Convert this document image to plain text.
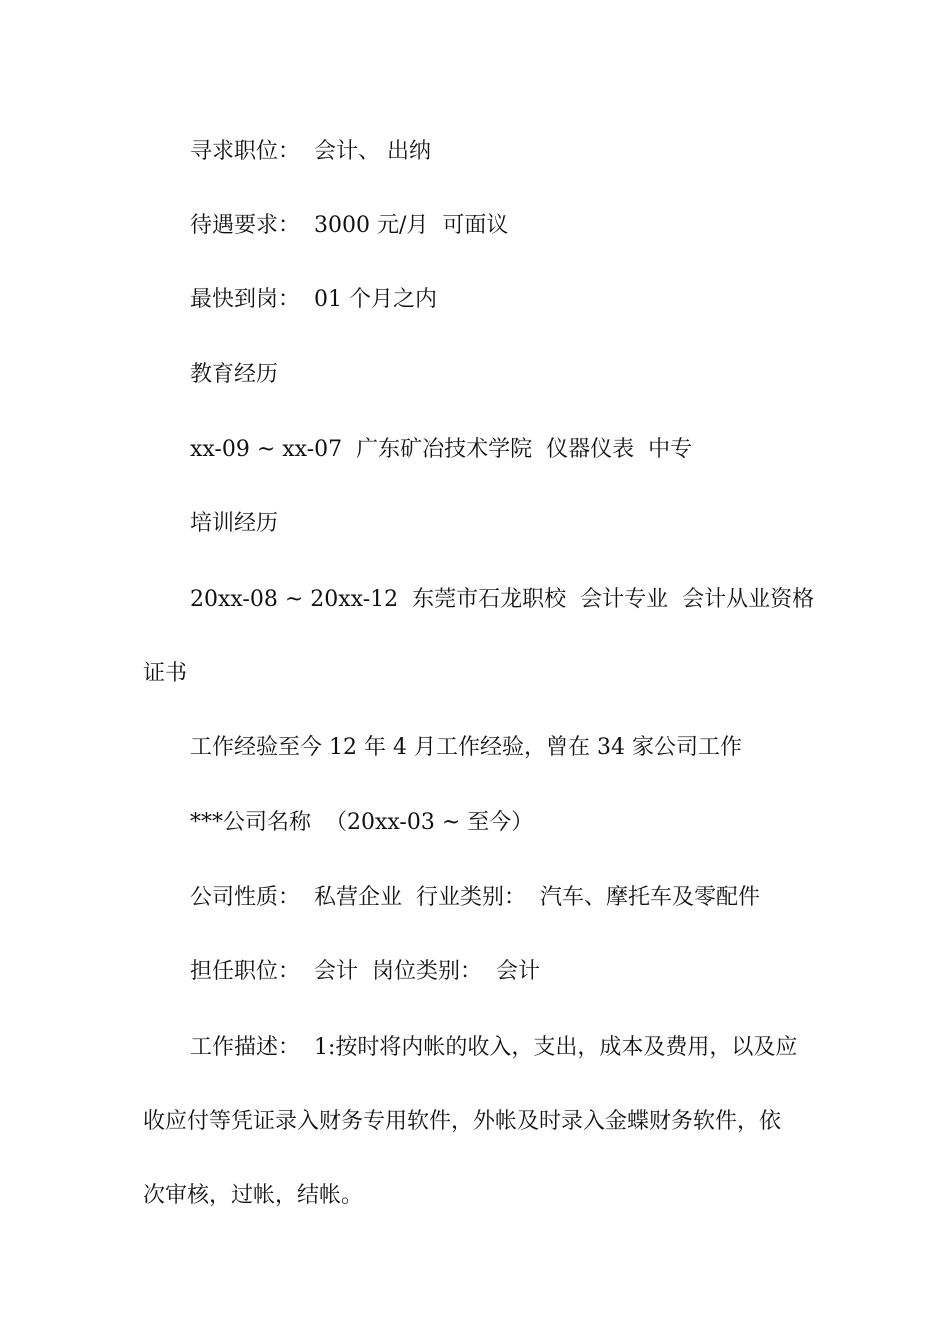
寻求职位：  会计、 出纳
待遇要求：  3000 元/月  可面议
最快到岗：  01 个月之内
教育经历
xx-09 ~ xx-07  广东矿冶技术学院  仪器仪表  中专
培训经历
20xx-08 ~ 20xx-12  东莞市石龙职校  会计专业  会计从业资格
证书
工作经验至今 12 年 4 月工作经验，曾在 34 家公司工作
***公司名称  （20xx-03 ~ 至今）
公司性质：  私营企业  行业类别：  汽车、摩托车及零配件
担任职位：  会计  岗位类别：  会计
工作描述：  1:按时将内帐的收入，支出，成本及费用，以及应
收应付等凭证录入财务专用软件，外帐及时录入金蝶财务软件，依
次审核，过帐，结帐。
